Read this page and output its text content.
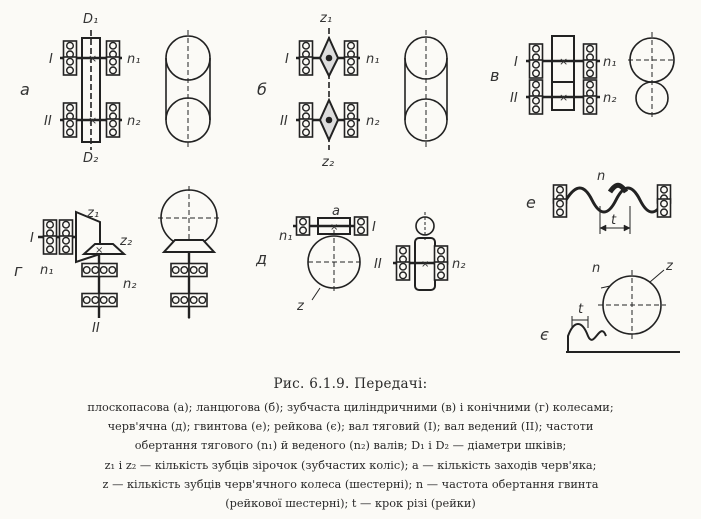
×
×
×
×
×
×
×
а
I
II
D₁
D₂
n₁
n₂
б
I
II
z₁
z₂
n₁
n₂
в
I
II
n₁
n₂
г
I
n₁
z₁
z₂
n₂
II
д
a
n₁
I
z
II	n₂
е
n
t
є
n	z
t
Рис. 6.1.9. Передачі:
плоскопасова (а); ланцюгова (б); зубчаста циліндричними (в) і конічними (г) колесами;
черв'ячна (д); гвинтова (е); рейкова (є); вал тяговий (I); вал ведений (II); частоти
обертання тягового (n₁) й веденого (n₂) валів; D₁ і D₂ — діаметри шківів;
z₁ і z₂ — кількість зубців зірочок (зубчастих коліс); a — кількість заходів черв'яка;
z — кількість зубців черв'ячного колеса (шестерні); n — частота обертання гвинта
(рейкової шестерні); t — крок різі (рейки)
